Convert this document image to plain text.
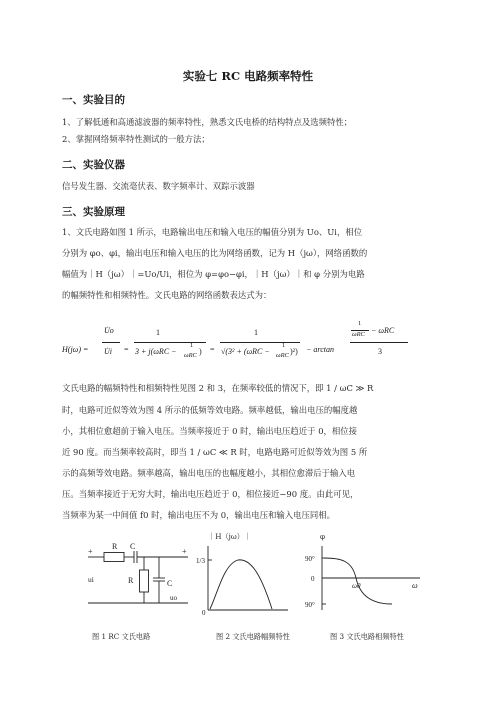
实验七 RC 电路频率特性
一、实验目的
1、了解低通和高通滤波器的频率特性，熟悉文氏电桥的结构特点及选频特性；
2、掌握网络频率特性测试的一般方法；
二、实验仪器
信号发生器、交流毫伏表、数字频率计、双踪示波器
三、实验原理
1、文氏电路如图 1 所示，电路输出电压和输入电压的幅值分别为 Uo、Ui，相位
分别为 φo、φi，输出电压和输入电压的比为网络函数，记为 H（jω），网络函数的
幅值为｜H（jω）｜=Uo/Ui，相位为 φ=φo−φi，｜H（jω）｜和 φ 分别为电路
的幅频特性和相频特性。文氏电路的网络函数表达式为：
H(jω) =
U̇o
U̇i =
1
3 + j(ωRC −
1
ωRC ) =
1
√(3² + (ωRC −
1
ωRC )²) − arctan
1
ωRC − ωRC
3
文氏电路的幅频特性和相频特性见图 2 和 3，在频率较低的情况下，即 1 / ωC ≫ R
时，电路可近似等效为图 4 所示的低频等效电路。频率越低，输出电压的幅度越
小，其相位愈超前于输入电压。当频率接近于 0 时，输出电压趋近于 0，相位接
近 90 度。而当频率较高时，即当 1 / ωC ≪ R 时，电路电路可近似等效为图 5 所
示的高频等效电路。频率越高，输出电压的也幅度越小，其相位愈滞后于输入电
压。当频率接近于无穷大时，输出电压趋近于 0，相位接近−90 度。由此可见，
当频率为某一中间值 f0 时，输出电压不为 0，输出电压和输入电压同相。
R C
R	C
+	+
ui
uo
1/3
0
｜H（jω）｜
90°
0
90°
ω0	ω
φ
图 1 RC 文氏电路	图 2 文氏电路幅频特性	图 3 文氏电路相频特性
